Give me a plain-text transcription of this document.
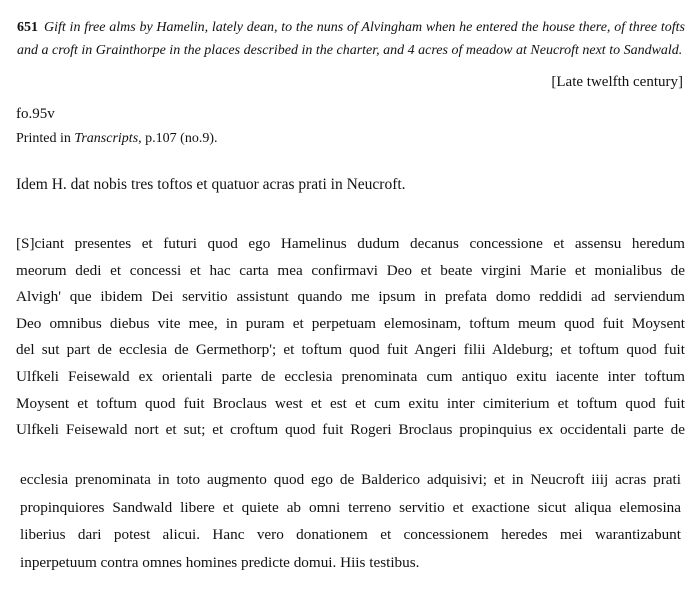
651 Gift in free alms by Hamelin, lately dean, to the nuns of Alvingham when he entered the house there, of three tofts and a croft in Grainthorpe in the places described in the charter, and 4 acres of meadow at Neucroft next to Sandwald.
[Late twelfth century]
fo.95v
Printed in Transcripts, p.107 (no.9).
Idem H. dat nobis tres toftos et quatuor acras prati in Neucroft.
[S]ciant presentes et futuri quod ego Hamelinus dudum decanus concessione et assensu heredum
meorum dedi et concessi et hac carta mea confirmavi Deo et beate virgini Marie et monialibus de
Alvigh' que ibidem Dei servitio assistunt quando me ipsum in prefata domo reddidi ad serviendum
Deo omnibus diebus vite mee, in puram et perpetuam elemosinam, toftum meum quod fuit Moysent
del sut part de ecclesia de Germethorp'; et toftum quod fuit Angeri filii Aldeburg; et toftum quod fuit
Ulfkeli Feisewald ex orientali parte de ecclesia prenominata cum antiquo exitu iacente inter toftum
Moysent et toftum quod fuit Broclaus west et est et cum exitu inter cimiterium et toftum quod fuit
Ulfkeli Feisewald nort et sut; et croftum quod fuit Rogeri Broclaus propinquius ex occidentali parte de
ecclesia prenominata in toto augmento quod ego de Balderico adquisivi; et in Neucroft iiij acras prati
propinquiores Sandwald libere et quiete ab omni terreno servitio et exactione sicut aliqua elemosina
liberius dari potest alicui. Hanc vero donationem et concessionem heredes mei warantizabunt
inperpetuum contra omnes homines predicte domui. Hiis testibus.
